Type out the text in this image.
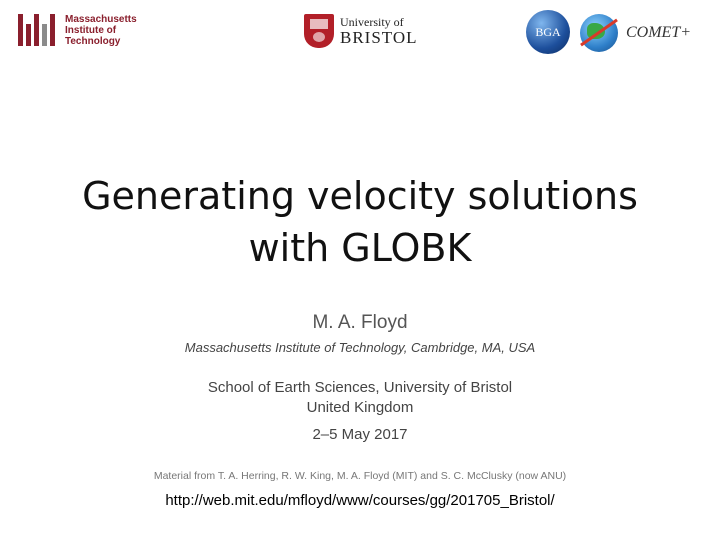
Massachusetts
Institute of
Technology
University of
BRISTOL	BGA	COMET+
Generating velocity solutions
with GLOBK
M. A. Floyd
Massachusetts Institute of Technology, Cambridge, MA, USA
School of Earth Sciences, University of Bristol
United Kingdom
2–5 May 2017
Material from T. A. Herring, R. W. King, M. A. Floyd (MIT) and S. C. McClusky (now ANU)
http://web.mit.edu/mfloyd/www/courses/gg/201705_Bristol/
